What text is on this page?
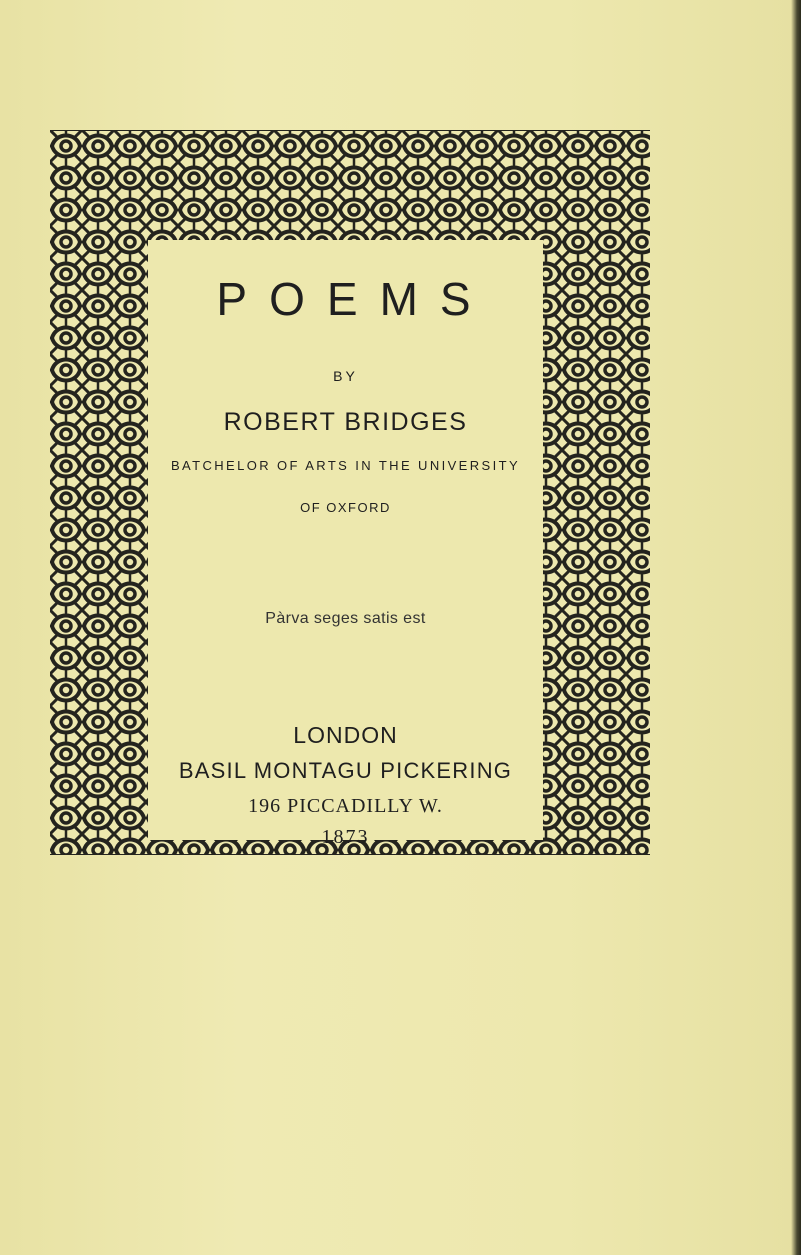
POEMS
BY
ROBERT BRIDGES
BATCHELOR OF ARTS IN THE UNIVERSITY
OF OXFORD
Pàrva seges satis est
LONDON
BASIL MONTAGU PICKERING
196 PICCADILLY W.
1873
